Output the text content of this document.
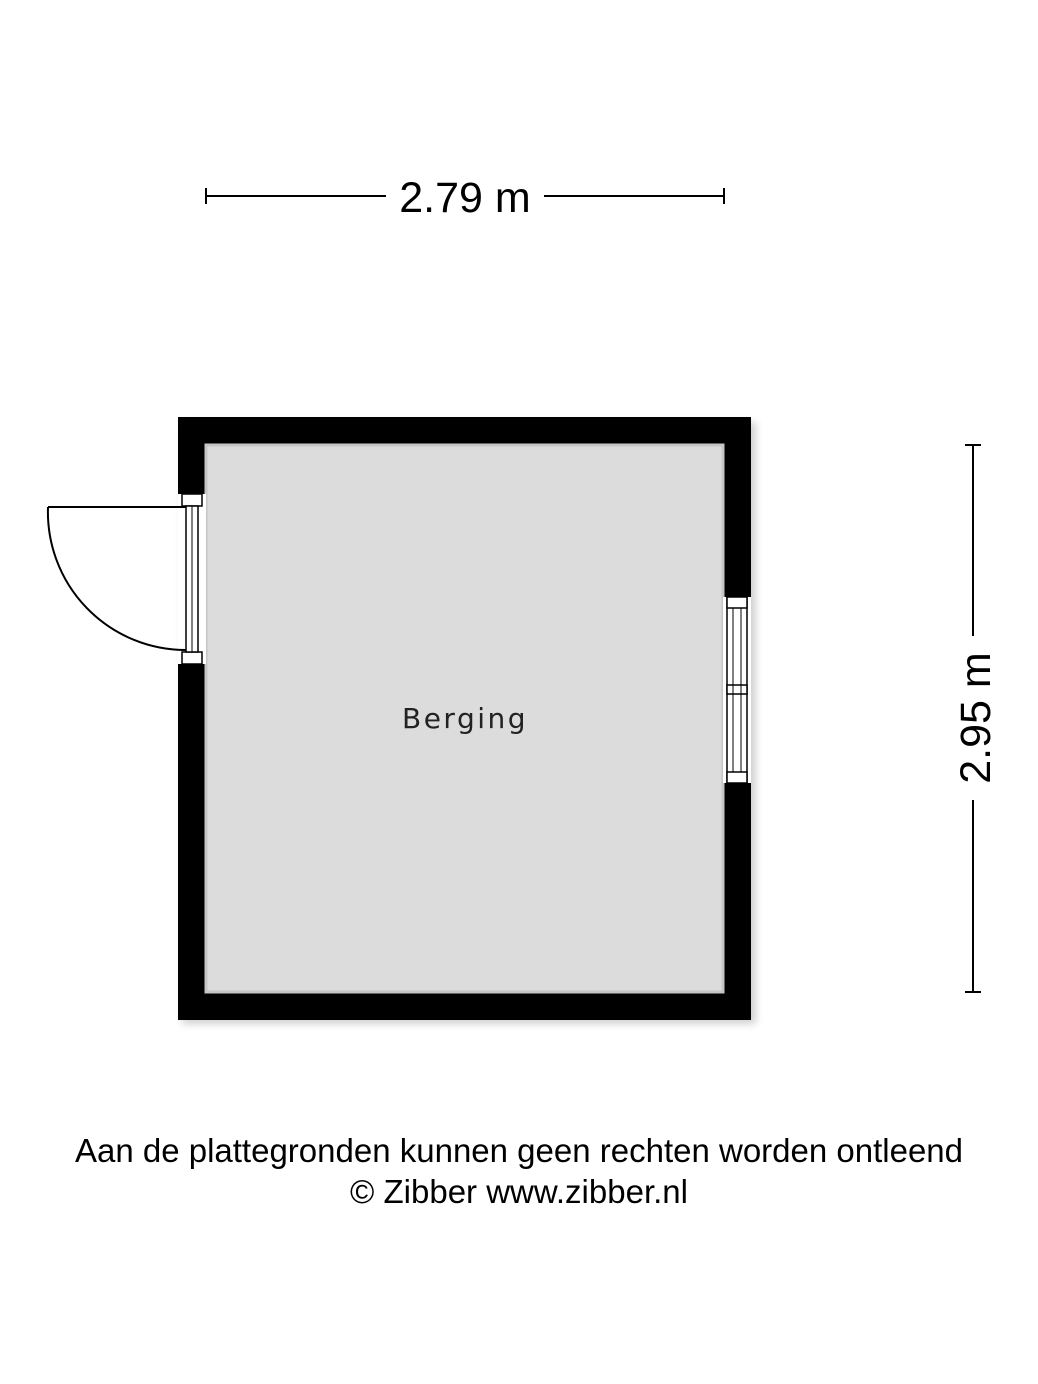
2.79 m
2.95 m
Berging

Aan de plattegronden kunnen geen rechten worden ontleend

© Zibber www.zibber.nl
